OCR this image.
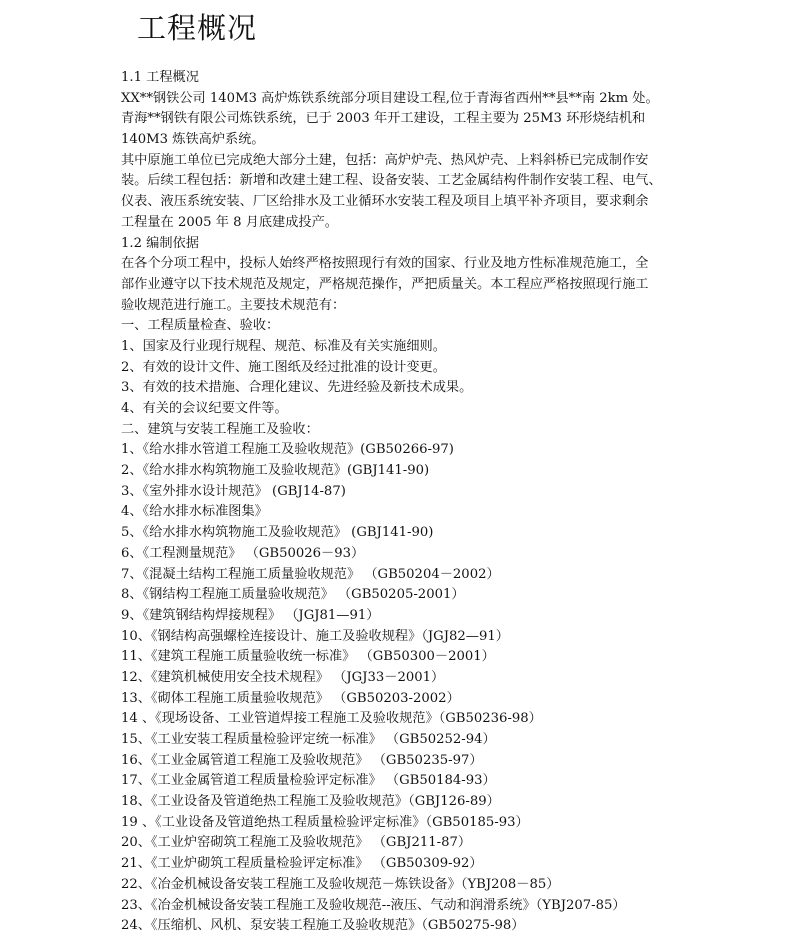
工程概况

1.1 工程概况

XX**钢铁公司 140M3 高炉炼铁系统部分项目建设工程,位于青海省西州**县**南 2km 处。

青海**钢铁有限公司炼铁系统，已于 2003 年开工建设，工程主要为 25M3 环形烧结机和

140M3 炼铁高炉系统。

其中原施工单位已完成绝大部分土建，包括：高炉炉壳、热风炉壳、上料斜桥已完成制作安

装。后续工程包括：新增和改建土建工程、设备安装、工艺金属结构件制作安装工程、电气、

仪表、液压系统安装、厂区给排水及工业循环水安装工程及项目上填平补齐项目，要求剩余

工程量在 2005 年 8 月底建成投产。

1.2 编制依据

在各个分项工程中，投标人始终严格按照现行有效的国家、行业及地方性标准规范施工，全

部作业遵守以下技术规范及规定，严格规范操作，严把质量关。本工程应严格按照现行施工

验收规范进行施工。主要技术规范有：

一、工程质量检查、验收：

1、国家及行业现行规程、规范、标准及有关实施细则。

2、有效的设计文件、施工图纸及经过批准的设计变更。

3、有效的技术措施、合理化建议、先进经验及新技术成果。

4、有关的会议纪要文件等。

二、建筑与安装工程施工及验收：

1、《给水排水管道工程施工及验收规范》(GB50266-97)

2、《给水排水构筑物施工及验收规范》(GBJ141-90)

3、《室外排水设计规范》 (GBJ14-87)

4、《给水排水标准图集》

5、《给水排水构筑物施工及验收规范》 (GBJ141-90)

6、《工程测量规范》 （GB50026－93）

7、《混凝土结构工程施工质量验收规范》 （GB50204－2002）

8、《钢结构工程施工质量验收规范》 （GB50205-2001）

9、《建筑钢结构焊接规程》 （JGJ81—91）

10、《钢结构高强螺栓连接设计、施工及验收规程》（JGJ82—91）

11、《建筑工程施工质量验收统一标准》 （GB50300－2001）

12、《建筑机械使用安全技术规程》 （JGJ33－2001）

13、《砌体工程施工质量验收规范》 （GB50203-2002）

14 、《现场设备、工业管道焊接工程施工及验收规范》（GB50236-98）

15、《工业安装工程质量检验评定统一标准》 （GB50252-94）

16、《工业金属管道工程施工及验收规范》 （GB50235-97）

17、《工业金属管道工程质量检验评定标准》 （GB50184-93）

18、《工业设备及管道绝热工程施工及验收规范》（GBJ126-89）

19 、《工业设备及管道绝热工程质量检验评定标准》（GB50185-93）

20、《工业炉窑砌筑工程施工及验收规范》 （GBJ211-87）

21、《工业炉砌筑工程质量检验评定标准》 （GB50309-92）

22、《冶金机械设备安装工程施工及验收规范－炼铁设备》（YBJ208－85）

23、《冶金机械设备安装工程施工及验收规范--液压、气动和润滑系统》（YBJ207-85）

24、《压缩机、风机、泵安装工程施工及验收规范》（GB50275-98）
